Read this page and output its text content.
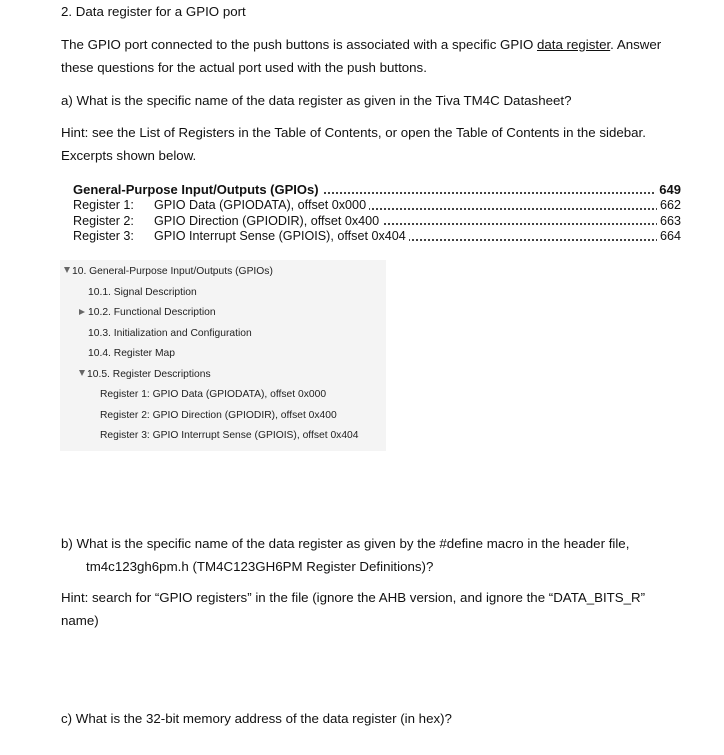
2. Data register for a GPIO port
The GPIO port connected to the push buttons is associated with a specific GPIO data register. Answer
these questions for the actual port used with the push buttons.
a) What is the specific name of the data register as given in the Tiva TM4C Datasheet?
Hint: see the List of Registers in the Table of Contents, or open the Table of Contents in the sidebar.
Excerpts shown below.
General-Purpose Input/Outputs (GPIOs)	649
Register 1: GPIO Data (GPIODATA), offset 0x000	662
Register 2: GPIO Direction (GPIODIR), offset 0x400	663
Register 3: GPIO Interrupt Sense (GPIOIS), offset 0x404	664
10. General-Purpose Input/Outputs (GPIOs)
10.1. Signal Description
10.2. Functional Description
10.3. Initialization and Configuration
10.4. Register Map
10.5. Register Descriptions
Register 1: GPIO Data (GPIODATA), offset 0x000
Register 2: GPIO Direction (GPIODIR), offset 0x400
Register 3: GPIO Interrupt Sense (GPIOIS), offset 0x404
b) What is the specific name of the data register as given by the #define macro in the header file,
tm4c123gh6pm.h (TM4C123GH6PM Register Definitions)?
Hint: search for “GPIO registers” in the file (ignore the AHB version, and ignore the “DATA_BITS_R”
name)
c) What is the 32-bit memory address of the data register (in hex)?
